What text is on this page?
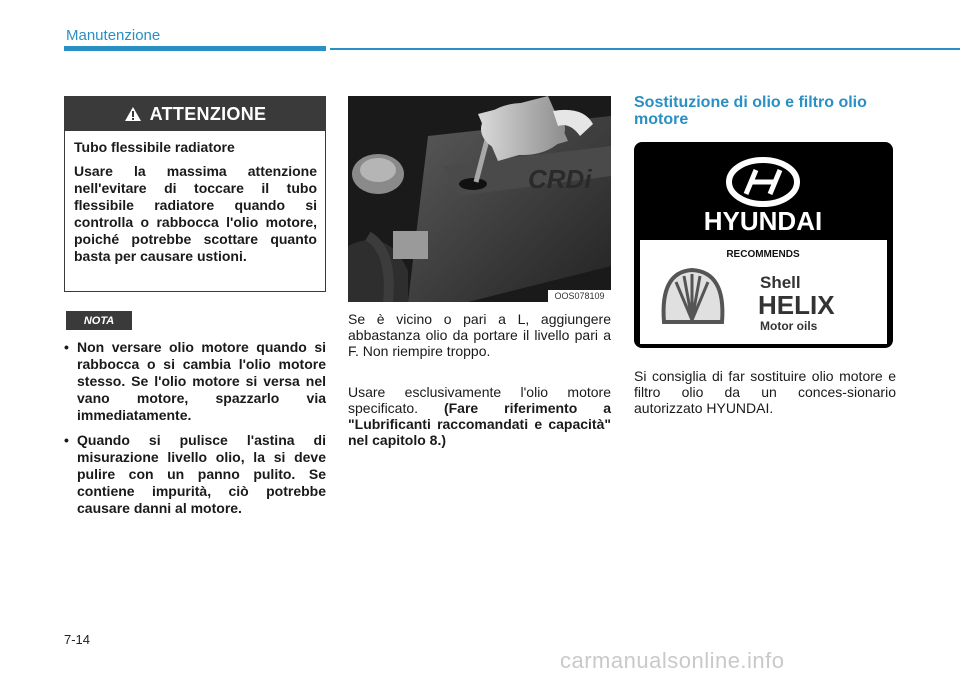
Manutenzione
ATTENZIONE

Tubo flessibile radiatore

Usare la massima attenzione nell'evitare di toccare il tubo flessibile radiatore quando si controlla o rabbocca l'olio motore, poiché potrebbe scottare quanto basta per causare ustioni.

NOTA
• Non versare olio motore quando si rabbocca o si cambia l'olio motore stesso. Se l'olio motore si versa nel vano motore, spazzarlo via immediatamente.
• Quando si pulisce l'astina di misurazione livello olio, la si deve pulire con un panno pulito. Se contiene impurità, ciò potrebbe causare danni al motore.
CRDi
OOS078109
Se è vicino o pari a L, aggiungere abbastanza olio da portare il livello pari a F. Non riempire troppo.
Usare esclusivamente l'olio motore specificato. (Fare riferimento a "Lubrificanti raccomandati e capacità" nel capitolo 8.)
Sostituzione di olio e filtro olio motore
HYUNDAI
RECOMMENDS
Shell
HELIX
Motor oils
Si consiglia di far sostituire olio motore e filtro olio da un conces-sionario autorizzato HYUNDAI.
7-14
carmanualsonline.info
